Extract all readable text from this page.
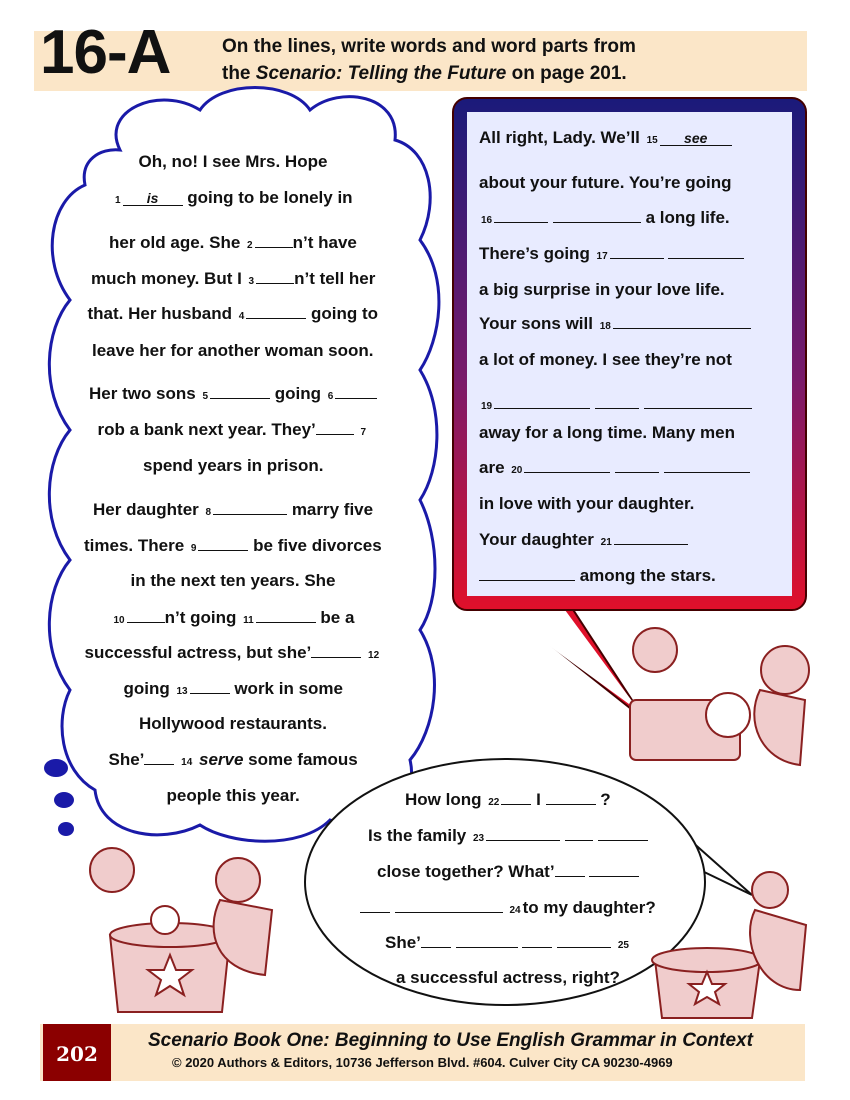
16-A	On the lines, write words and word parts from
the Scenario: Telling the Future on page 201.
Oh, no! I see Mrs. Hope
1 is going to be lonely in
her old age. She 2 n’t have
much money. But I 3 n’t tell her
that. Her husband 4	going to
leave her for another woman soon.
Her two sons 5	going 6
rob a bank next year. They’	7
spend years in prison.
Her daughter 8	marry five
times. There 9	be five divorces
in the next ten years. She
10 n’t going 11	be a
successful actress, but she’	12
going 13 work in some
Hollywood restaurants.
She’	14 serve some famous
people this year.
All right, Lady. We’ll 15 see
about your future. You’re going
16	a long life.
There’s going 17
a big surprise in your love life.
Your sons will 18
a lot of money. I see they’re not
19
away for a long time. Many men
are 20
in love with your daughter.
Your daughter 21
among the stars.
How long 22 I	?
Is the family 23
close together? What’
24 to my daughter?
She’	25
a successful actress, right?
202
Scenario Book One: Beginning to Use English Grammar in Context
© 2020 Authors & Editors, 10736 Jefferson Blvd. #604. Culver City CA 90230-4969
